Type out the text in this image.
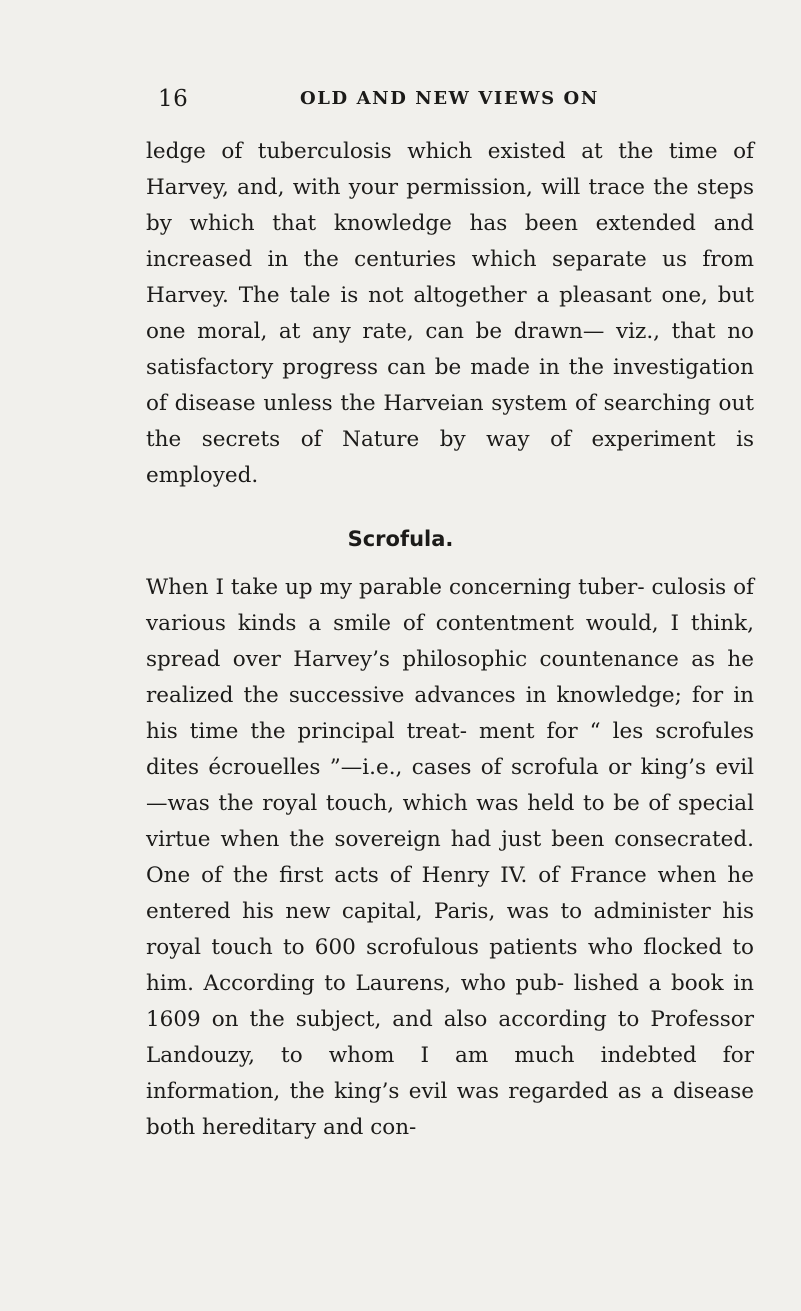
16	OLD AND NEW VIEWS ON

ledge of tuberculosis which existed at the time of Harvey, and, with your permission, will trace the steps by which that knowledge has been extended and increased in the centuries which separate us from Harvey. The tale is not altogether a pleasant one, but one moral, at any rate, can be drawn— viz., that no satisfactory progress can be made in the investigation of disease unless the Harveian system of searching out the secrets of Nature by way of experiment is employed.

Scrofula.

When I take up my parable concerning tuber- culosis of various kinds a smile of contentment would, I think, spread over Harvey’s philosophic countenance as he realized the successive advances in knowledge; for in his time the principal treat- ment for “ les scrofules dites écrouelles ”—i.e., cases of scrofula or king’s evil—was the royal touch, which was held to be of special virtue when the sovereign had just been consecrated. One of the first acts of Henry IV. of France when he entered his new capital, Paris, was to administer his royal touch to 600 scrofulous patients who flocked to him. According to Laurens, who pub- lished a book in 1609 on the subject, and also according to Professor Landouzy, to whom I am much indebted for information, the king’s evil was regarded as a disease both hereditary and con-
